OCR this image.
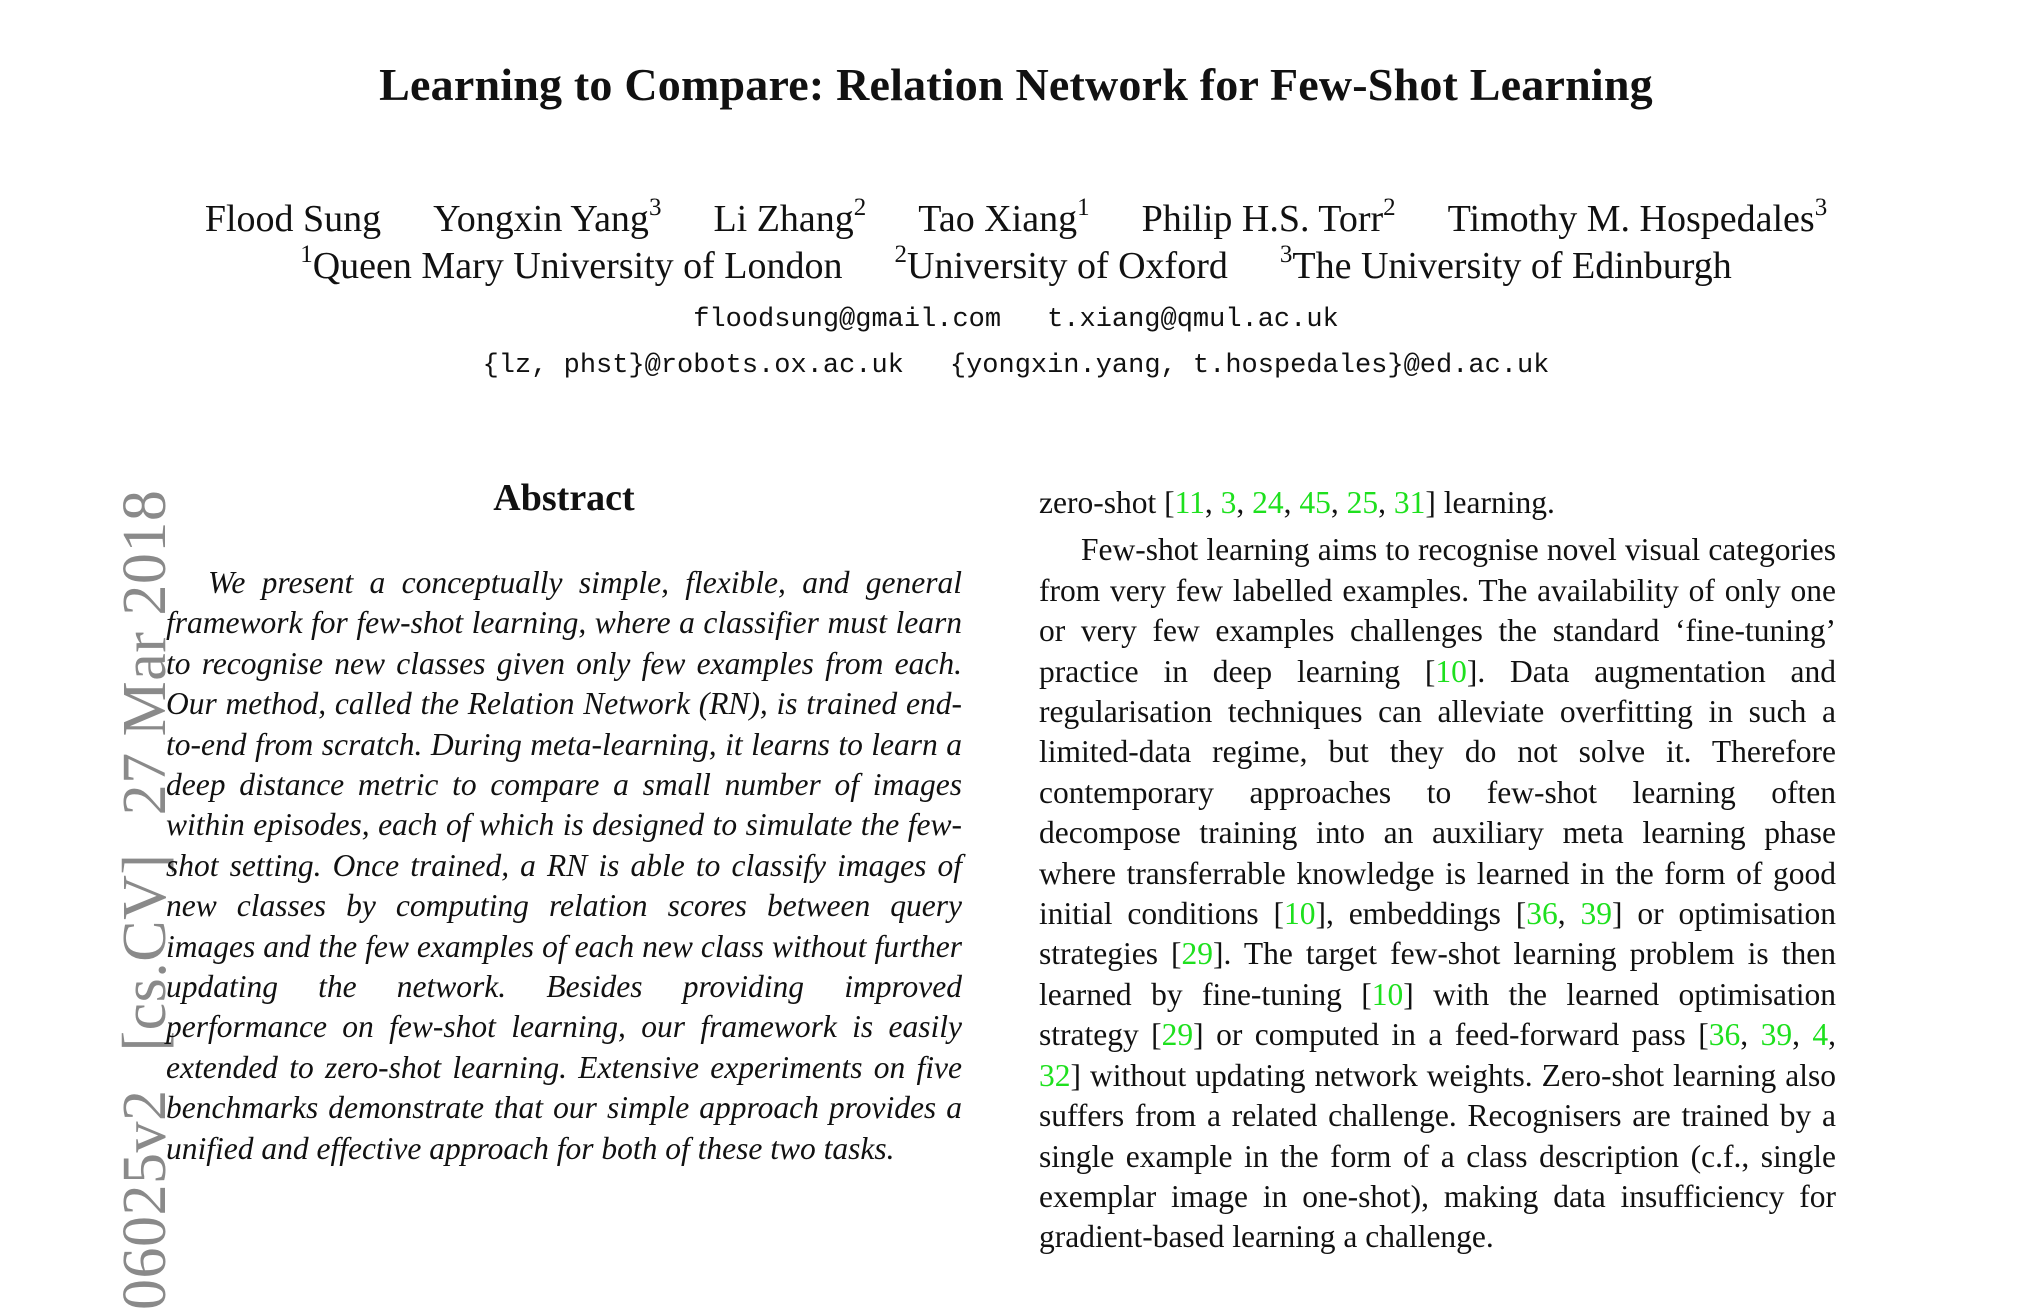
06025v2[cs.CV]27 Mar 2018
Learning to Compare: Relation Network for Few-Shot Learning
Flood Sung Yongxin Yang$^3$ Li Zhang$^2$ Tao Xiang$^1$ Philip H.S. Torr$^2$ Timothy M. Hospedales$^3$
$^1$Queen Mary University of London $^2$University of Oxford $^3$The University of Edinburgh
floodsung@gmail.com t.xiang@qmul.ac.uk
{lz, phst}@robots.ox.ac.uk {yongxin.yang, t.hospedales}@ed.ac.uk
Abstract

We present a conceptually simple, flexible, and general framework for few-shot learning, where a classifier must learn to recognise new classes given only few examples from each. Our method, called the Relation Network (RN), is trained end-to-end from scratch. During meta-learning, it learns to learn a deep distance metric to compare a small number of images within episodes, each of which is designed to simulate the few-shot setting. Once trained, a RN is able to classify images of new classes by computing relation scores between query images and the few examples of each new class without further updating the network. Besides providing improved performance on few-shot learning, our framework is easily extended to zero-shot learning. Extensive experiments on five benchmarks demonstrate that our simple approach provides a unified and effective approach for both of these two tasks.

zero-shot [11, 3, 24, 45, 25, 31] learning.

Few-shot learning aims to recognise novel visual categories from very few labelled examples. The availability of only one or very few examples challenges the standard ‘fine-tuning’ practice in deep learning [10]. Data augmentation and regularisation techniques can alleviate overfitting in such a limited-data regime, but they do not solve it. Therefore contemporary approaches to few-shot learning often decompose training into an auxiliary meta learning phase where transferrable knowledge is learned in the form of good initial conditions [10], embeddings [36, 39] or optimisation strategies [29]. The target few-shot learning problem is then learned by fine-tuning [10] with the learned optimisation strategy [29] or computed in a feed-forward pass [36, 39, 4, 32] without updating network weights. Zero-shot learning also suffers from a related challenge. Recognisers are trained by a single example in the form of a class description (c.f., single exemplar image in one-shot), making data insufficiency for gradient-based learning a challenge.
